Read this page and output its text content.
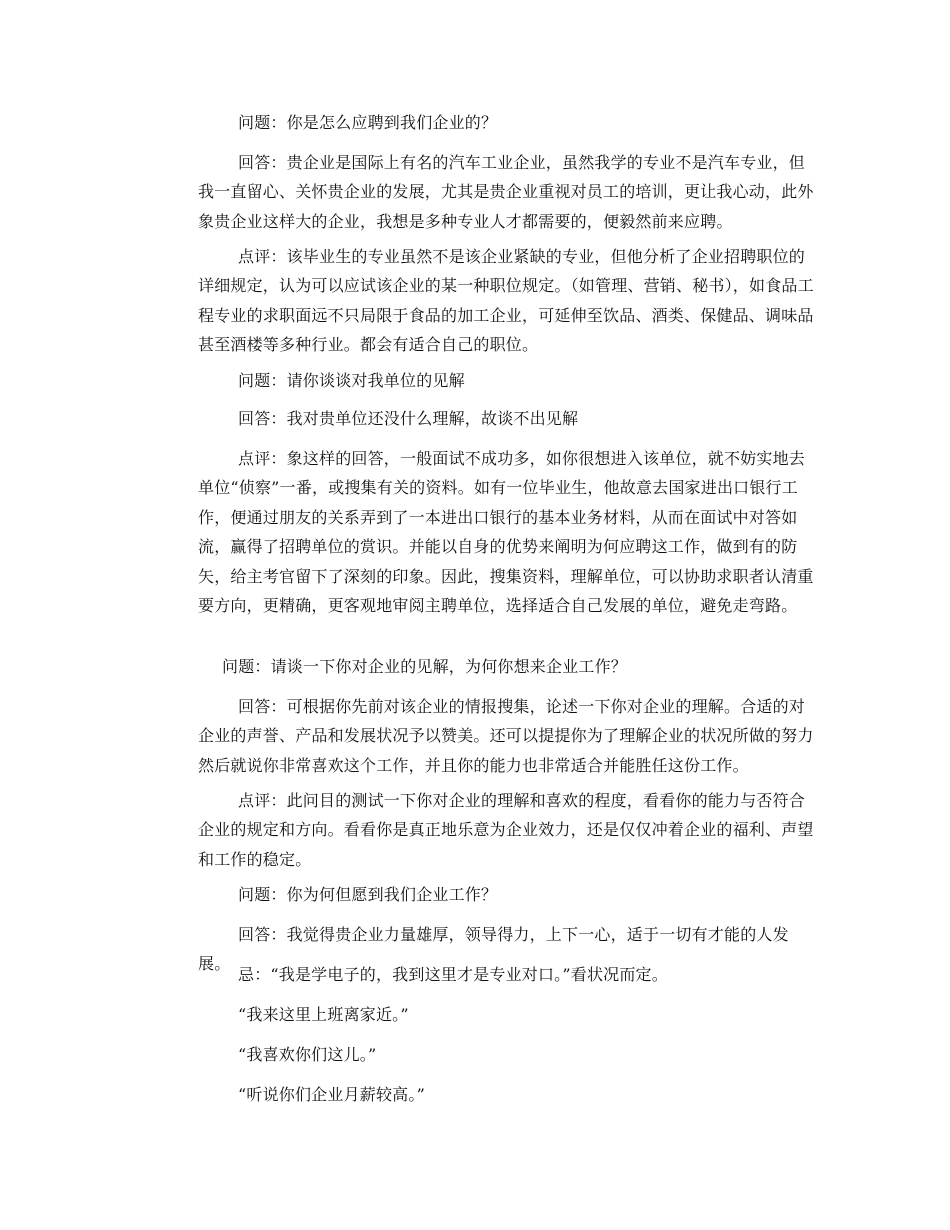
问题：你是怎么应聘到我们企业的？

回答：贵企业是国际上有名的汽车工业企业，虽然我学的专业不是汽车专业，但我一直留心、关怀贵企业的发展，尤其是贵企业重视对员工的培训，更让我心动，此外象贵企业这样大的企业，我想是多种专业人才都需要的，便毅然前来应聘。

点评：该毕业生的专业虽然不是该企业紧缺的专业，但他分析了企业招聘职位的详细规定，认为可以应试该企业的某一种职位规定。（如管理、营销、秘书），如食品工程专业的求职面远不只局限于食品的加工企业，可延伸至饮品、酒类、保健品、调味品甚至酒楼等多种行业。都会有适合自己的职位。

问题：请你谈谈对我单位的见解

回答：我对贵单位还没什么理解，故谈不出见解

点评：象这样的回答，一般面试不成功多，如你很想进入该单位，就不妨实地去单位“侦察”一番，或搜集有关的资料。如有一位毕业生，他故意去国家进出口银行工作，便通过朋友的关系弄到了一本进出口银行的基本业务材料，从而在面试中对答如流，赢得了招聘单位的赏识。并能以自身的优势来阐明为何应聘这工作，做到有的防矢，给主考官留下了深刻的印象。因此，搜集资料，理解单位，可以协助求职者认清重要方向，更精确，更客观地审阅主聘单位，选择适合自己发展的单位，避免走弯路。

问题：请谈一下你对企业的见解，为何你想来企业工作？

回答：可根据你先前对该企业的情报搜集，论述一下你对企业的理解。合适的对企业的声誉、产品和发展状况予以赞美。还可以提提你为了理解企业的状况所做的努力然后就说你非常喜欢这个工作，并且你的能力也非常适合并能胜任这份工作。

点评：此问目的测试一下你对企业的理解和喜欢的程度，看看你的能力与否符合企业的规定和方向。看看你是真正地乐意为企业效力，还是仅仅冲着企业的福利、声望和工作的稳定。

问题：你为何但愿到我们企业工作？

回答：我觉得贵企业力量雄厚，领导得力，上下一心，适于一切有才能的人发展。

忌：“我是学电子的，我到这里才是专业对口。”看状况而定。

“我来这里上班离家近。”

“我喜欢你们这儿。”

“听说你们企业月薪较高。”
